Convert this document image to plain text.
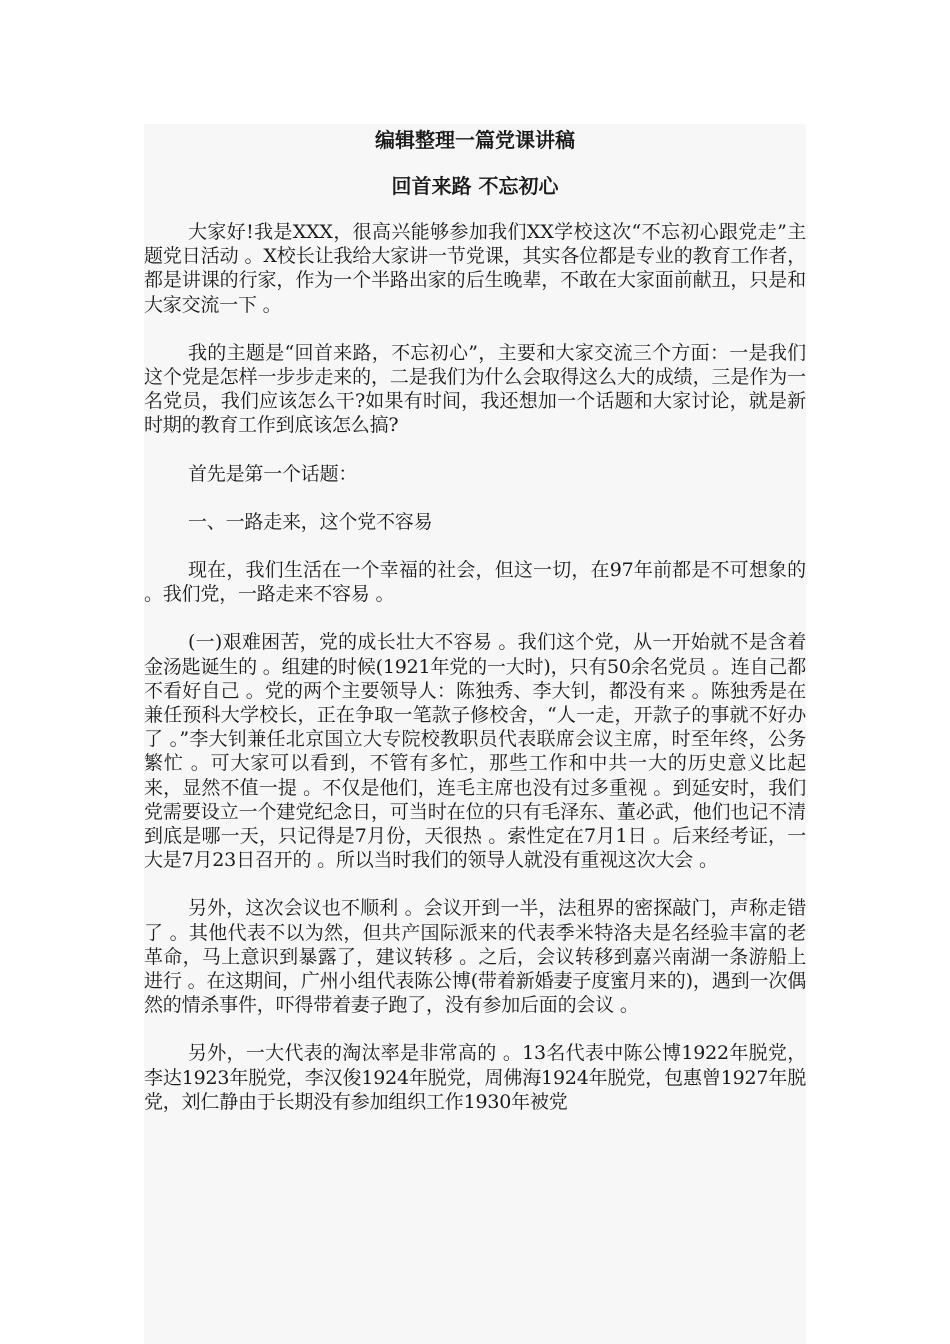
编辑整理一篇党课讲稿
回首来路 不忘初心

大家好!我是XXX，很高兴能够参加我们XX学校这次“不忘初心跟党走”主题党日活动 。X校长让我给大家讲一节党课，其实各位都是专业的教育工作者，都是讲课的行家，作为一个半路出家的后生晚辈，不敢在大家面前献丑，只是和大家交流一下 。

我的主题是“回首来路，不忘初心”，主要和大家交流三个方面：一是我们这个党是怎样一步步走来的，二是我们为什么会取得这么大的成绩，三是作为一名党员，我们应该怎么干?如果有时间，我还想加一个话题和大家讨论，就是新时期的教育工作到底该怎么搞?

首先是第一个话题：

一、一路走来，这个党不容易

现在，我们生活在一个幸福的社会，但这一切，在97年前都是不可想象的 。我们党，一路走来不容易 。

(一)艰难困苦，党的成长壮大不容易 。我们这个党，从一开始就不是含着金汤匙诞生的 。组建的时候(1921年党的一大时)，只有50余名党员 。连自己都不看好自己 。党的两个主要领导人：陈独秀、李大钊，都没有来 。陈独秀是在兼任预科大学校长，正在争取一笔款子修校舍，“人一走，开款子的事就不好办了 。”李大钊兼任北京国立大专院校教职员代表联席会议主席，时至年终，公务繁忙 。可大家可以看到，不管有多忙，那些工作和中共一大的历史意义比起来，显然不值一提 。不仅是他们，连毛主席也没有过多重视 。到延安时，我们党需要设立一个建党纪念日，可当时在位的只有毛泽东、董必武，他们也记不清到底是哪一天，只记得是7月份，天很热 。索性定在7月1日 。后来经考证，一大是7月23日召开的 。所以当时我们的领导人就没有重视这次大会 。

另外，这次会议也不顺利 。会议开到一半，法租界的密探敲门，声称走错了 。其他代表不以为然，但共产国际派来的代表季米特洛夫是名经验丰富的老革命，马上意识到暴露了，建议转移 。之后，会议转移到嘉兴南湖一条游船上进行 。在这期间，广州小组代表陈公博(带着新婚妻子度蜜月来的)，遇到一次偶然的情杀事件，吓得带着妻子跑了，没有参加后面的会议 。

另外，一大代表的淘汰率是非常高的 。13名代表中陈公博1922年脱党，李达1923年脱党，李汉俊1924年脱党，周佛海1924年脱党，包惠曾1927年脱党，刘仁静由于长期没有参加组织工作1930年被党
